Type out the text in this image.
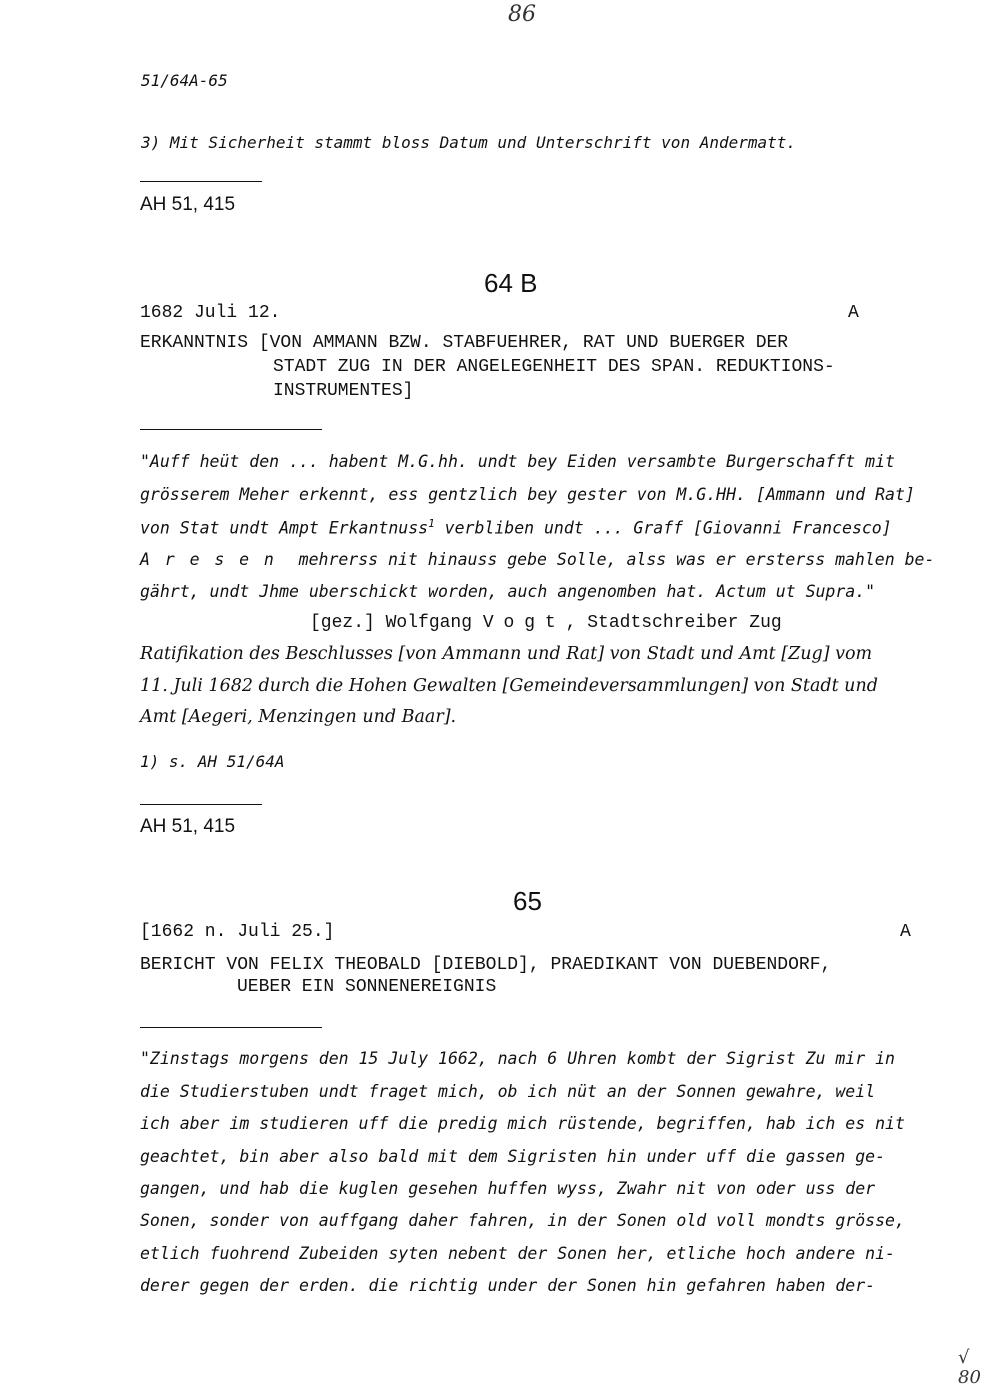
86
51/64A-65
3) Mit Sicherheit stammt bloss Datum und Unterschrift von Andermatt.
AH 51, 415
64 B
1682 Juli 12.	A
ERKANNTNIS [VON AMMANN BZW. STABFUEHRER, RAT UND BUERGER DER
STADT ZUG IN DER ANGELEGENHEIT DES SPAN. REDUKTIONS-
INSTRUMENTES]
"Auff heüt den ... habent M.G.hh. undt bey Eiden versambte Burgerschafft mit
grösserem Meher erkennt, ess gentzlich bey gester von M.G.HH. [Ammann und Rat]
von Stat undt Ampt Erkantnuss$^1$ verbliben undt ... Graff [Giovanni Francesco]
Aresen mehrerss nit hinauss gebe Solle, alss was er ersterss mahlen be-
gährt, undt Jhme uberschickt worden, auch angenomben hat. Actum ut Supra."
[gez.] Wolfgang Vogt, Stadtschreiber Zug
Ratifikation des Beschlusses [von Ammann und Rat] von Stadt und Amt [Zug] vom
11. Juli 1682 durch die Hohen Gewalten [Gemeindeversammlungen] von Stadt und
Amt [Aegeri, Menzingen und Baar].
1) s. AH 51/64A
AH 51, 415
65
[1662 n. Juli 25.]	A
BERICHT VON FELIX THEOBALD [DIEBOLD], PRAEDIKANT VON DUEBENDORF,
UEBER EIN SONNENEREIGNIS
"Zinstags morgens den 15 July 1662, nach 6 Uhren kombt der Sigrist Zu mir in
die Studierstuben undt fraget mich, ob ich nüt an der Sonnen gewahre, weil
ich aber im studieren uff die predig mich rüstende, begriffen, hab ich es nit
geachtet, bin aber also bald mit dem Sigristen hin under uff die gassen ge-
gangen, und hab die kuglen gesehen huffen wyss, Zwahr nit von oder uss der
Sonen, sonder von auffgang daher fahren, in der Sonen old voll mondts grösse,
etlich fuohrend Zubeiden syten nebent der Sonen her, etliche hoch andere ni-
derer gegen der erden. die richtig under der Sonen hin gefahren haben der-
√ 80
